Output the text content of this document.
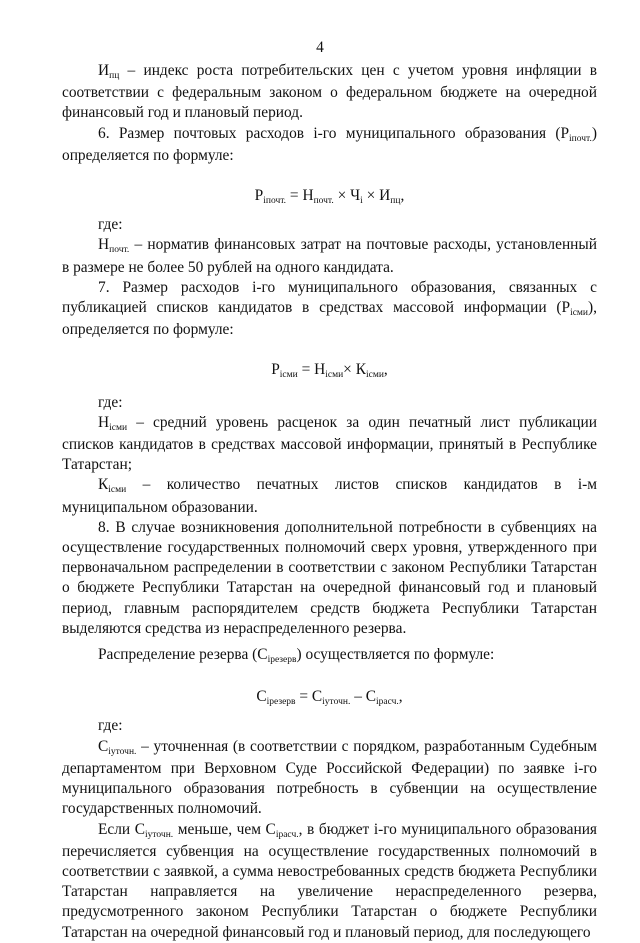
4

Ипц – индекс роста потребительских цен с учетом уровня инфляции в соответствии с федеральным законом о федеральном бюджете на очередной финансовый год и плановый период.

6. Размер почтовых расходов i-го муниципального образования (Рiпочт.) определяется по формуле:

Рiпочт. = Нпочт. × Чi × Ипц,

где:

Нпочт. – норматив финансовых затрат на почтовые расходы, установленный в размере не более 50 рублей на одного кандидата.

7. Размер расходов i-го муниципального образования, связанных с публикацией списков кандидатов в средствах массовой информации (Рiсми), определяется по формуле:

Рiсми = Нiсми× Кiсми,

где:

Нiсми – средний уровень расценок за один печатный лист публикации списков кандидатов в средствах массовой информации, принятый в Республике Татарстан;

Кiсми – количество печатных листов списков кандидатов в i-м муниципальном образовании.

8. В случае возникновения дополнительной потребности в субвенциях на осуществление государственных полномочий сверх уровня, утвержденного при первоначальном распределении в соответствии с законом Республики Татарстан о бюджете Республики Татарстан на очередной финансовый год и плановый период, главным распорядителем средств бюджета Республики Татарстан выделяются средства из нераспределенного резерва.

Распределение резерва (Сiрезерв) осуществляется по формуле:

Сiрезерв = Сiуточн. – Сiрасч.,

где:

Сiуточн. – уточненная (в соответствии с порядком, разработанным Судебным департаментом при Верховном Суде Российской Федерации) по заявке i-го муниципального образования потребность в субвенции на осуществление государственных полномочий.

Если Сiуточн. меньше, чем Сiрасч., в бюджет i-го муниципального образования перечисляется субвенция на осуществление государственных полномочий в соответствии с заявкой, а сумма невостребованных средств бюджета Республики Татарстан направляется на увеличение нераспределенного резерва, предусмотренного законом Республики Татарстан о бюджете Республики Татарстан на очередной финансовый год и плановый период, для последующего
